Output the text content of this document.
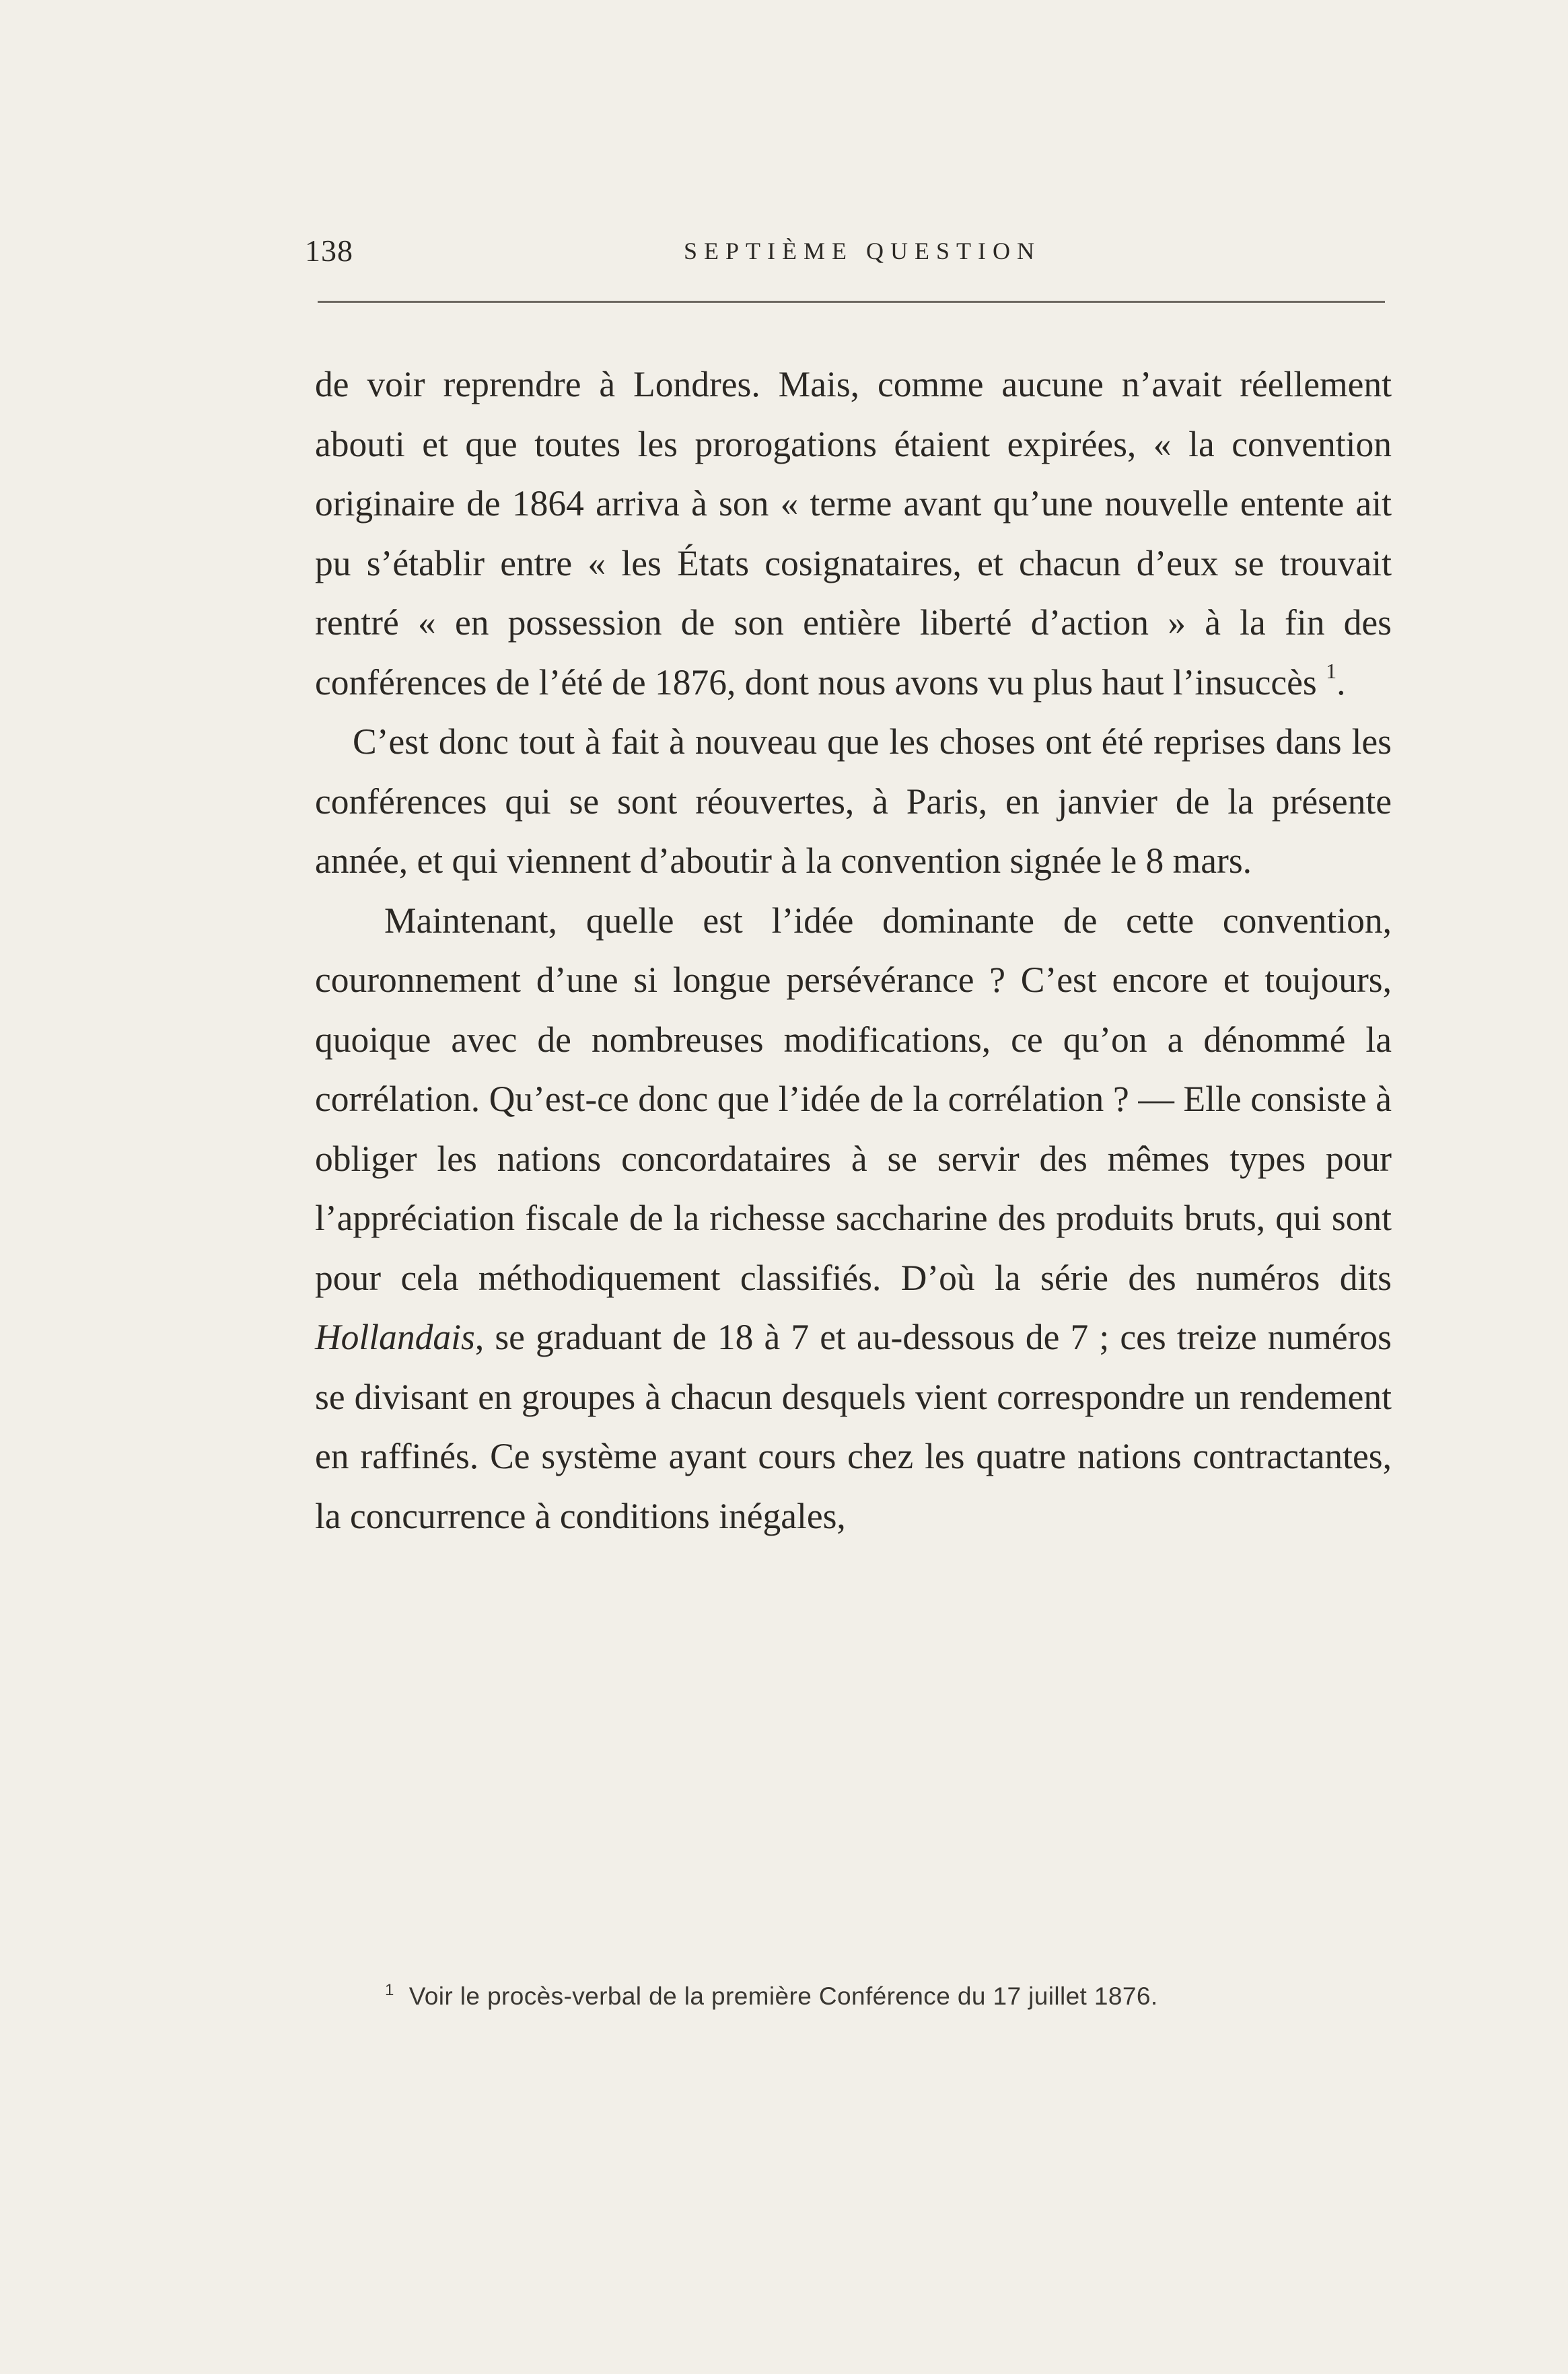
138	SEPTIÈME QUESTION

de voir reprendre à Londres. Mais, comme aucune n’avait réellement abouti et que toutes les prorogations étaient expirées, « la convention originaire de 1864 arriva à son « terme avant qu’une nouvelle entente ait pu s’établir entre « les États cosignataires, et chacun d’eux se trouvait rentré « en possession de son entière liberté d’action » à la fin des conférences de l’été de 1876, dont nous avons vu plus haut l’insuccès $^1$.

C’est donc tout à fait à nouveau que les choses ont été reprises dans les conférences qui se sont réouvertes, à Paris, en janvier de la présente année, et qui viennent d’aboutir à la convention signée le 8 mars.

Maintenant, quelle est l’idée dominante de cette convention, couronnement d’une si longue persévérance ? C’est encore et toujours, quoique avec de nombreuses modifications, ce qu’on a dénommé la corrélation. Qu’est-ce donc que l’idée de la corrélation ? — Elle consiste à obliger les nations concordataires à se servir des mêmes types pour l’appréciation fiscale de la richesse saccharine des produits bruts, qui sont pour cela méthodiquement classifiés. D’où la série des numéros dits Hollandais, se graduant de 18 à 7 et au-dessous de 7 ; ces treize numéros se divisant en groupes à chacun desquels vient correspondre un rendement en raffinés. Ce système ayant cours chez les quatre nations contractantes, la concurrence à conditions inégales,

$^1$ Voir le procès-verbal de la première Conférence du 17 juillet 1876.
